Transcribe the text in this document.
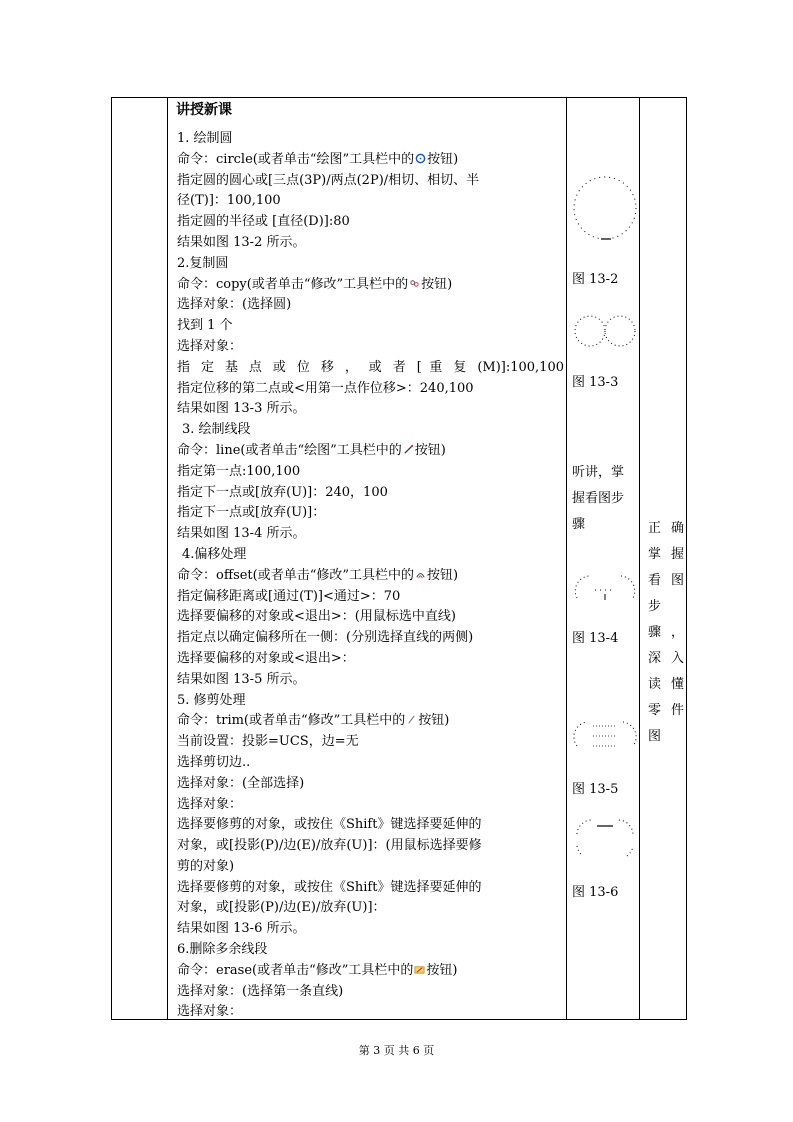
讲授新课
1. 绘制圆
命令：circle(或者单击“绘图”工具栏中的 按钮)
指定圆的圆心或[三点(3P)/两点(2P)/相切、相切、半
径(T)]：100,100
指定圆的半径或 [直径(D)]:80
结果如图 13-2 所示。
2.复制圆
命令：copy(或者单击“修改”工具栏中的 按钮)
选择对象：(选择圆)
找到 1 个
选择对象：
指 定 基 点 或 位 移 ， 或 者 [ 重 复 (M)]:100,100
指定位移的第二点或<用第一点作位移>：240,100
结果如图 13-3 所示。
3. 绘制线段
命令：line(或者单击“绘图”工具栏中的 按钮)
指定第一点:100,100
指定下一点或[放弃(U)]：240，100
指定下一点或[放弃(U)]：
结果如图 13-4 所示。
4.偏移处理
命令：offset(或者单击“修改”工具栏中的 按钮)
指定偏移距离或[通过(T)]<通过>：70
选择要偏移的对象或<退出>：(用鼠标选中直线)
指定点以确定偏移所在一侧：(分别选择直线的两侧)
选择要偏移的对象或<退出>：
结果如图 13-5 所示。
5. 修剪处理
命令：trim(或者单击“修改”工具栏中的 按钮)
当前设置：投影=UCS，边=无
选择剪切边..
选择对象：(全部选择)
选择对象：
选择要修剪的对象，或按住《Shift》键选择要延伸的
对象，或[投影(P)/边(E)/放弃(U)]：(用鼠标选择要修
剪的对象)
选择要修剪的对象，或按住《Shift》键选择要延伸的
对象，或[投影(P)/边(E)/放弃(U)]：
结果如图 13-6 所示。
6.删除多余线段
命令：erase(或者单击“修改”工具栏中的 按钮)
选择对象：(选择第一条直线)
选择对象：
图 13-2
图 13-3
听讲，掌握看图步骤
图 13-4
图 13-5
图 13-6
正确掌握看图步骤，深入读懂零件图
第 3 页 共 6 页
